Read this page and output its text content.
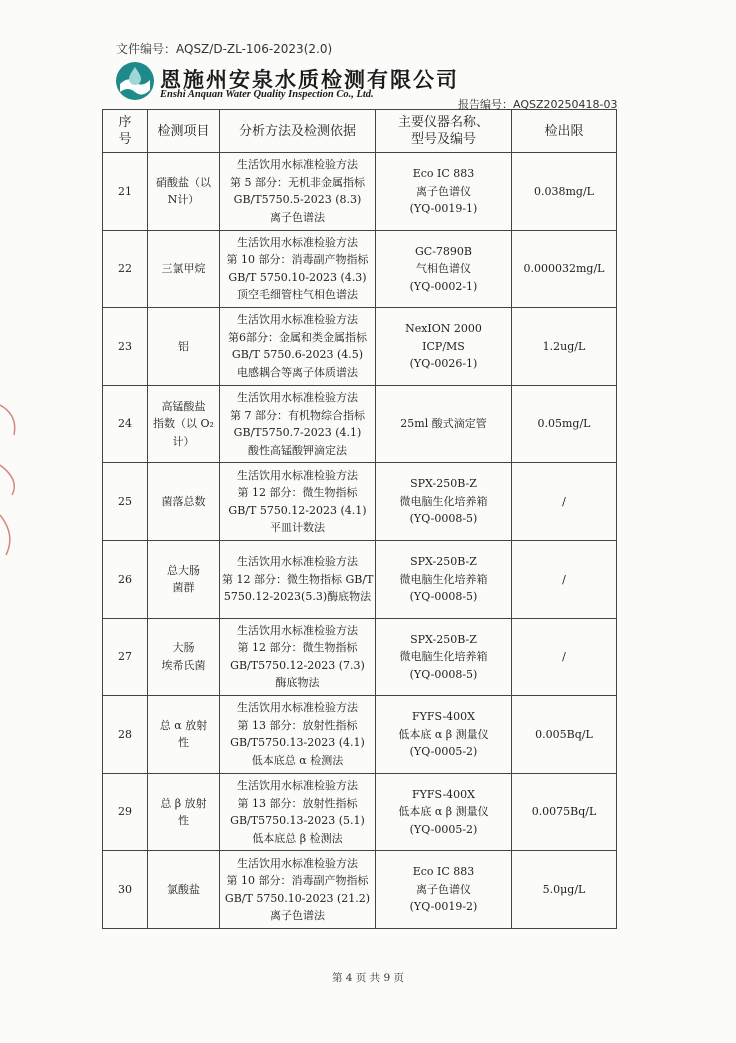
文件编号：AQSZ/D-ZL-106-2023(2.0)
恩施州安泉水质检测有限公司
Enshi Anquan Water Quality Inspection Co., Ltd.
报告编号：AQSZ20250418-03
序
号	检测项目	分析方法及检测依据	主要仪器名称、
型号及编号	检出限
21	硝酸盐（以
N计）	生活饮用水标准检验方法
第 5 部分：无机非金属指标
GB/T5750.5-2023 (8.3)
离子色谱法	Eco IC 883
离子色谱仪
(YQ-0019-1)	0.038mg/L
22	三氯甲烷	生活饮用水标准检验方法
第 10 部分：消毒副产物指标
GB/T 5750.10-2023 (4.3)
顶空毛细管柱气相色谱法	GC-7890B
气相色谱仪
(YQ-0002-1)	0.000032mg/L
23	铝	生活饮用水标准检验方法
第6部分：金属和类金属指标
GB/T 5750.6-2023 (4.5)
电感耦合等离子体质谱法	NexION 2000
ICP/MS
(YQ-0026-1)	1.2ug/L
24	高锰酸盐
指数（以 O₂
计）	生活饮用水标准检验方法
第 7 部分：有机物综合指标
GB/T5750.7-2023 (4.1)
酸性高锰酸钾滴定法	25ml 酸式滴定管	0.05mg/L
25	菌落总数	生活饮用水标准检验方法
第 12 部分：微生物指标
GB/T 5750.12-2023 (4.1)
平皿计数法	SPX-250B-Z
微电脑生化培养箱
(YQ-0008-5)	/
26	总大肠
菌群	生活饮用水标准检验方法
第 12 部分：微生物指标 GB/T
5750.12-2023(5.3)酶底物法	SPX-250B-Z
微电脑生化培养箱
(YQ-0008-5)	/
27	大肠
埃希氏菌	生活饮用水标准检验方法
第 12 部分：微生物指标
GB/T5750.12-2023 (7.3)
酶底物法	SPX-250B-Z
微电脑生化培养箱
(YQ-0008-5)	/
28	总 α 放射
性	生活饮用水标准检验方法
第 13 部分：放射性指标
GB/T5750.13-2023 (4.1)
低本底总 α 检测法	FYFS-400X
低本底 α β 测量仪
(YQ-0005-2)	0.005Bq/L
29	总 β 放射
性	生活饮用水标准检验方法
第 13 部分：放射性指标
GB/T5750.13-2023 (5.1)
低本底总 β 检测法	FYFS-400X
低本底 α β 测量仪
(YQ-0005-2)	0.0075Bq/L
30	氯酸盐	生活饮用水标准检验方法
第 10 部分：消毒副产物指标
GB/T 5750.10-2023 (21.2)
离子色谱法	Eco IC 883
离子色谱仪
(YQ-0019-2)	5.0μg/L
第 4 页 共 9 页
